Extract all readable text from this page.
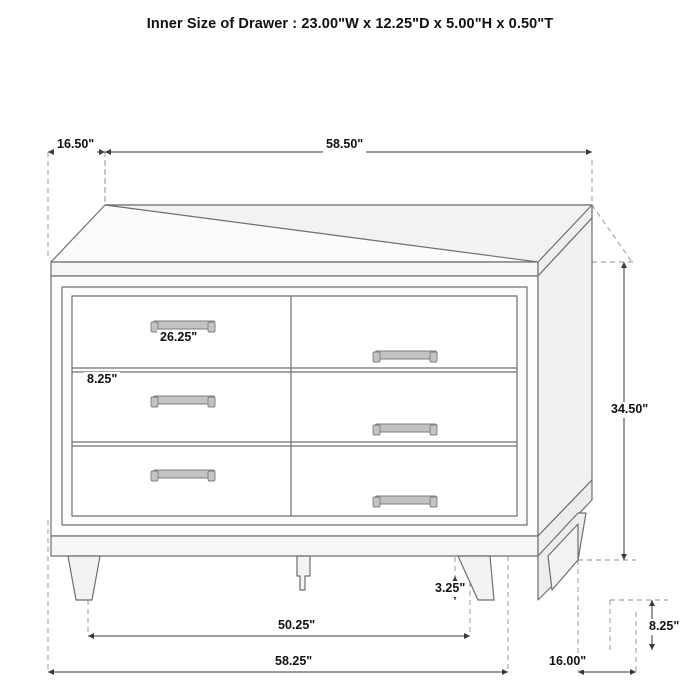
Inner Size of Drawer : 23.00"W x 12.25"D x 5.00"H x 0.50"T
16.50"	58.50"
26.25"
8.25"
34.50"
3.25"
50.25"	8.25"
58.25"	16.00"
